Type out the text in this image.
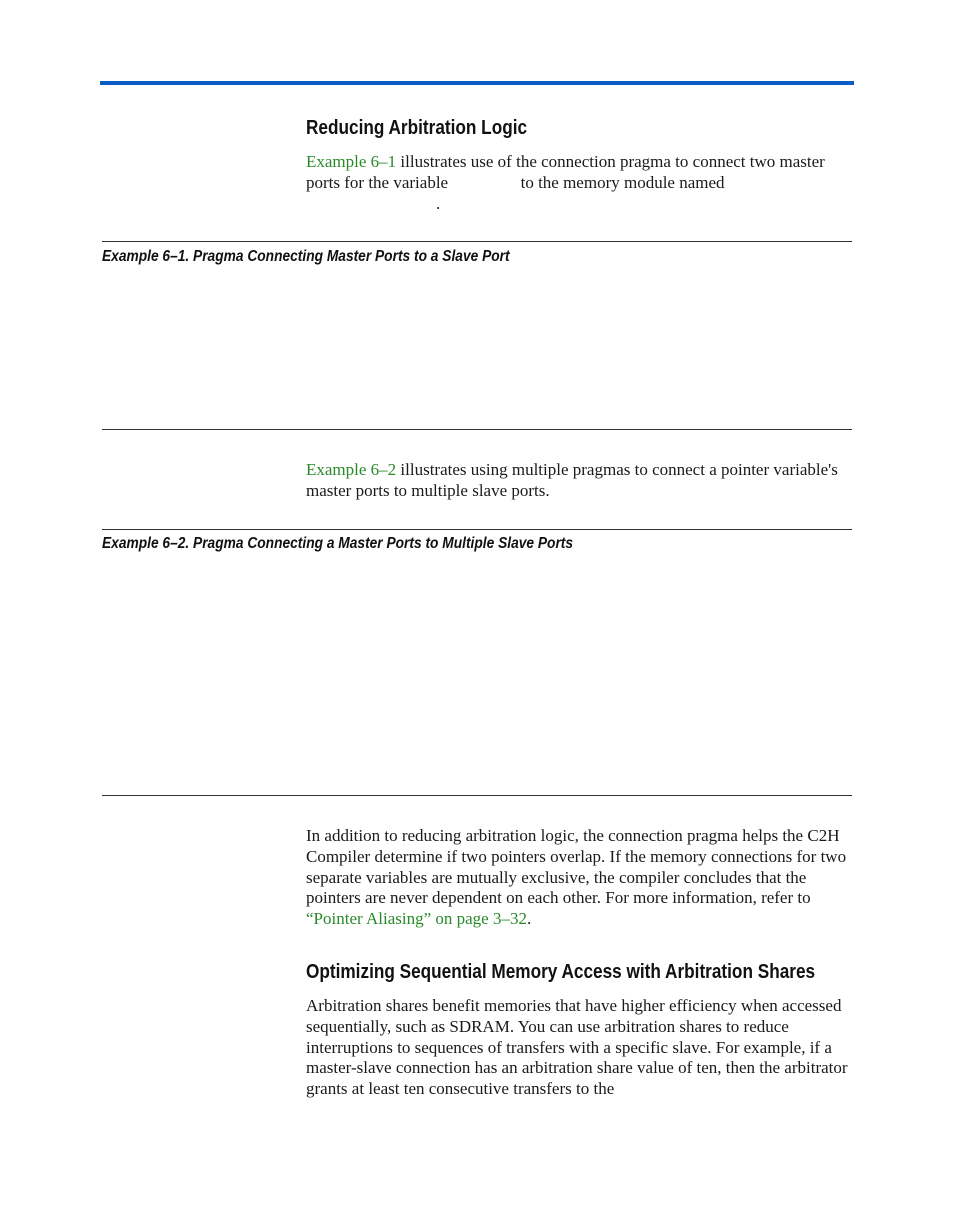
Reducing Arbitration Logic

Example 6–1 illustrates use of the connection pragma to connect two master ports for the variable	to the memory module named
.

Example 6–1. Pragma Connecting Master Ports to a Slave Port

Example 6–2 illustrates using multiple pragmas to connect a pointer variable's master ports to multiple slave ports.

Example 6–2. Pragma Connecting a Master Ports to Multiple Slave Ports

In addition to reducing arbitration logic, the connection pragma helps the C2H Compiler determine if two pointers overlap. If the memory connections for two separate variables are mutually exclusive, the compiler concludes that the pointers are never dependent on each other. For more information, refer to “Pointer Aliasing” on page 3–32.

Optimizing Sequential Memory Access with Arbitration Shares

Arbitration shares benefit memories that have higher efficiency when accessed sequentially, such as SDRAM. You can use arbitration shares to reduce interruptions to sequences of transfers with a specific slave. For example, if a master-slave connection has an arbitration share value of ten, then the arbitrator grants at least ten consecutive transfers to the
